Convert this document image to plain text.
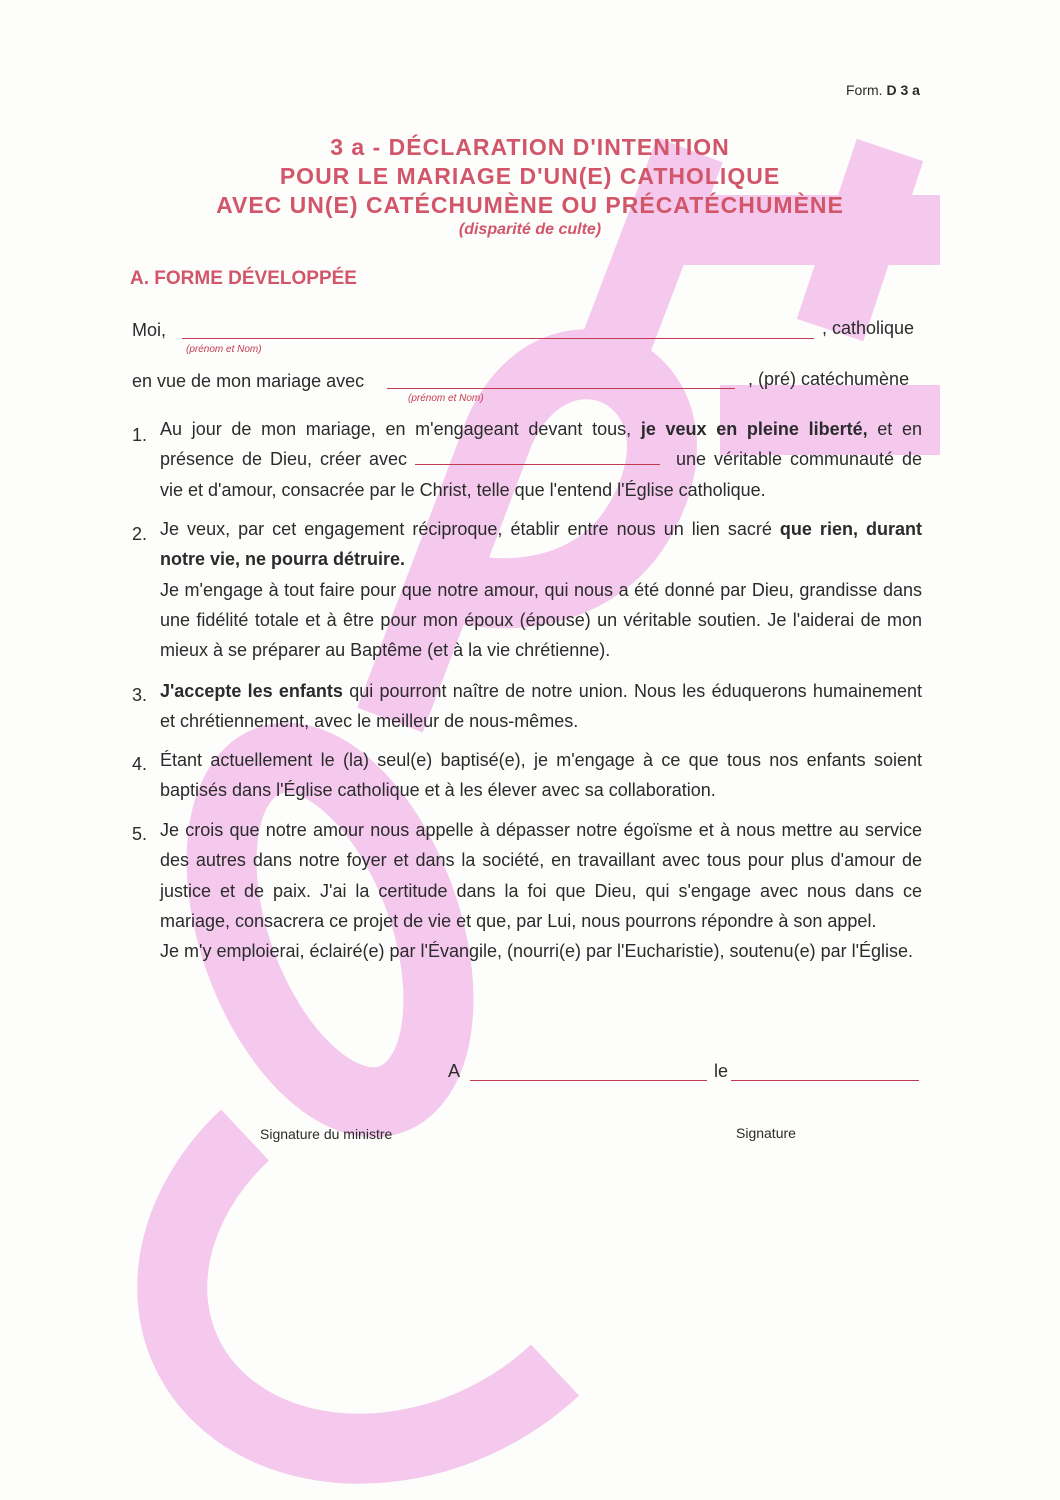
Form. D 3 a
3 a - DÉCLARATION D'INTENTION
POUR LE MARIAGE D'UN(E) CATHOLIQUE
AVEC UN(E) CATÉCHUMÈNE OU PRÉCATÉCHUMÈNE
(disparité de culte)
A. FORME DÉVELOPPÉE
Moi,	, catholique
(prénom et Nom)
en vue de mon mariage avec	, (pré) catéchumène
(prénom et Nom)
1. Au jour de mon mariage, en m'engageant devant tous, je veux en pleine liberté, et en présence de Dieu, créer avec	une véritable communauté de vie et d'amour, consacrée par le Christ, telle que l'entend l'Église catholique.
2. Je veux, par cet engagement réciproque, établir entre nous un lien sacré que rien, durant notre vie, ne pourra détruire.
Je m'engage à tout faire pour que notre amour, qui nous a été donné par Dieu, grandisse dans une fidélité totale et à être pour mon époux (épouse) un véritable soutien. Je l'aiderai de mon mieux à se préparer au Baptême (et à la vie chrétienne).
3. J'accepte les enfants qui pourront naître de notre union. Nous les éduquerons humainement et chrétiennement, avec le meilleur de nous-mêmes.
4. Étant actuellement le (la) seul(e) baptisé(e), je m'engage à ce que tous nos enfants soient baptisés dans l'Église catholique et à les élever avec sa collaboration.
5. Je crois que notre amour nous appelle à dépasser notre égoïsme et à nous mettre au service des autres dans notre foyer et dans la société, en travaillant avec tous pour plus d'amour de justice et de paix. J'ai la certitude dans la foi que Dieu, qui s'engage avec nous dans ce mariage, consacrera ce projet de vie et que, par Lui, nous pourrons répondre à son appel.
Je m'y emploierai, éclairé(e) par l'Évangile, (nourri(e) par l'Eucharistie), soutenu(e) par l'Église.
A	le
Signature du ministre	Signature
